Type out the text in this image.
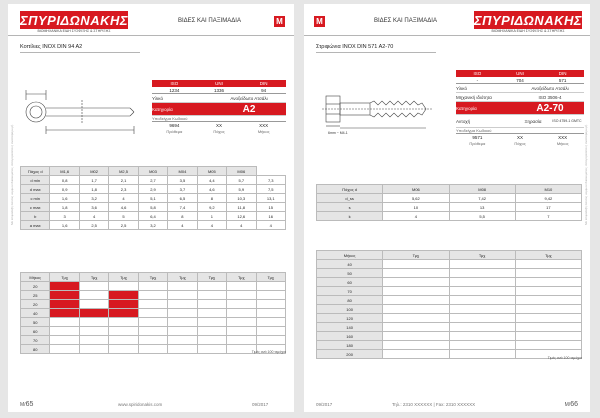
ΣΠΥΡΙΔΩΝΑΚΗΣ
ΒΙΟΜΗΧΑΝΙΚΑ ΕΙΔΗ ΣΥΣΦΙΞΗΣ & ΣΤΗΡΙΞΗΣ
ΒΙΔΕΣ ΚΑΙ ΠΑΞΙΜΑΔΙΑ	M
Κοπίλιες INOX DIN 94 A2
ISO	UNI	DIN
1234	1336	94
Υλικό	Ανοξείδωτο Ατσάλι
Κατηγορία	A2
Υποδείγμα Κωδικού
9694	XX	XXX
Πρόθεμα	Πάχος	Μήκος
Πάχος d	M1,6	M02	M2,5	M03	M04	M05	M06	
d min	0,8	1,7	2,1	2,7	3,5	4,4	5,7	7,3
d max	0,9	1,8	2,3	2,9	3,7	4,6	5,9	7,5
c min	1,6	3,2	4	5,1	6,5	8	10,3	13,1
c max	1,8	3,6	4,6	5,8	7,4	9,2	11,8	15
b	3	4	5	6,4	8	1	12,6	16
a max	1,6	2,5	2,5	3,2	4	4	4	4
Μήκος	Τμχ	Τμχ	Τμχ	Τμχ	Τμχ	Τμχ	Τμχ	Τμχ
20								
25								
20								
40								
50								
60								
70								
80								
Τιμές ανά 100 τεμάχια
Με επιφύλαξη παντός νομίμου δικαιώματος. Απαγορεύεται η αναπαραγωγή.
M/65	www.spiridonakis.com	09/2017
M	ΒΙΔΕΣ ΚΑΙ ΠΑΞΙΜΑΔΙΑ	ΣΠΥΡΙΔΩΝΑΚΗΣ
ΒΙΟΜΗΧΑΝΙΚΑ ΕΙΔΗ ΣΥΣΦΙΞΗΣ & ΣΤΗΡΙΞΗΣ
Στριφώνια INOX DIN 571 A2-70
6mm ~ M4-1
ISO	UNI	DIN
-	704	571
Υλικό	Ανοξείδωτο Ατσάλι
Μηχανική ιδιότητα	ISO 3506-4
Κατηγορία	A2-70
Αντοχή	Ξηρασία	ISO 4759-1 GMTC
Υποδείγμα Κωδικού
9571	XX	XXX
Πρόθεμα	Πάχος	Μήκος
Πάχος d	M06	M08	M10
d_ss	5,62	7,42	9,42
s	10	13	17
k	4	5,5	7
Μήκος	Τμχ	Τμχ	Τμχ
40			
50			
60			
70			
80			
100			
120			
140			
160			
180			
200			
Τιμές ανά 100 τεμάχια
Με επιφύλαξη παντός νομίμου δικαιώματος. Απαγορεύεται η αναπαραγωγή.
09/2017	Τηλ.: 2310 XXXXXX | Fax: 2310 XXXXXX	M/66
